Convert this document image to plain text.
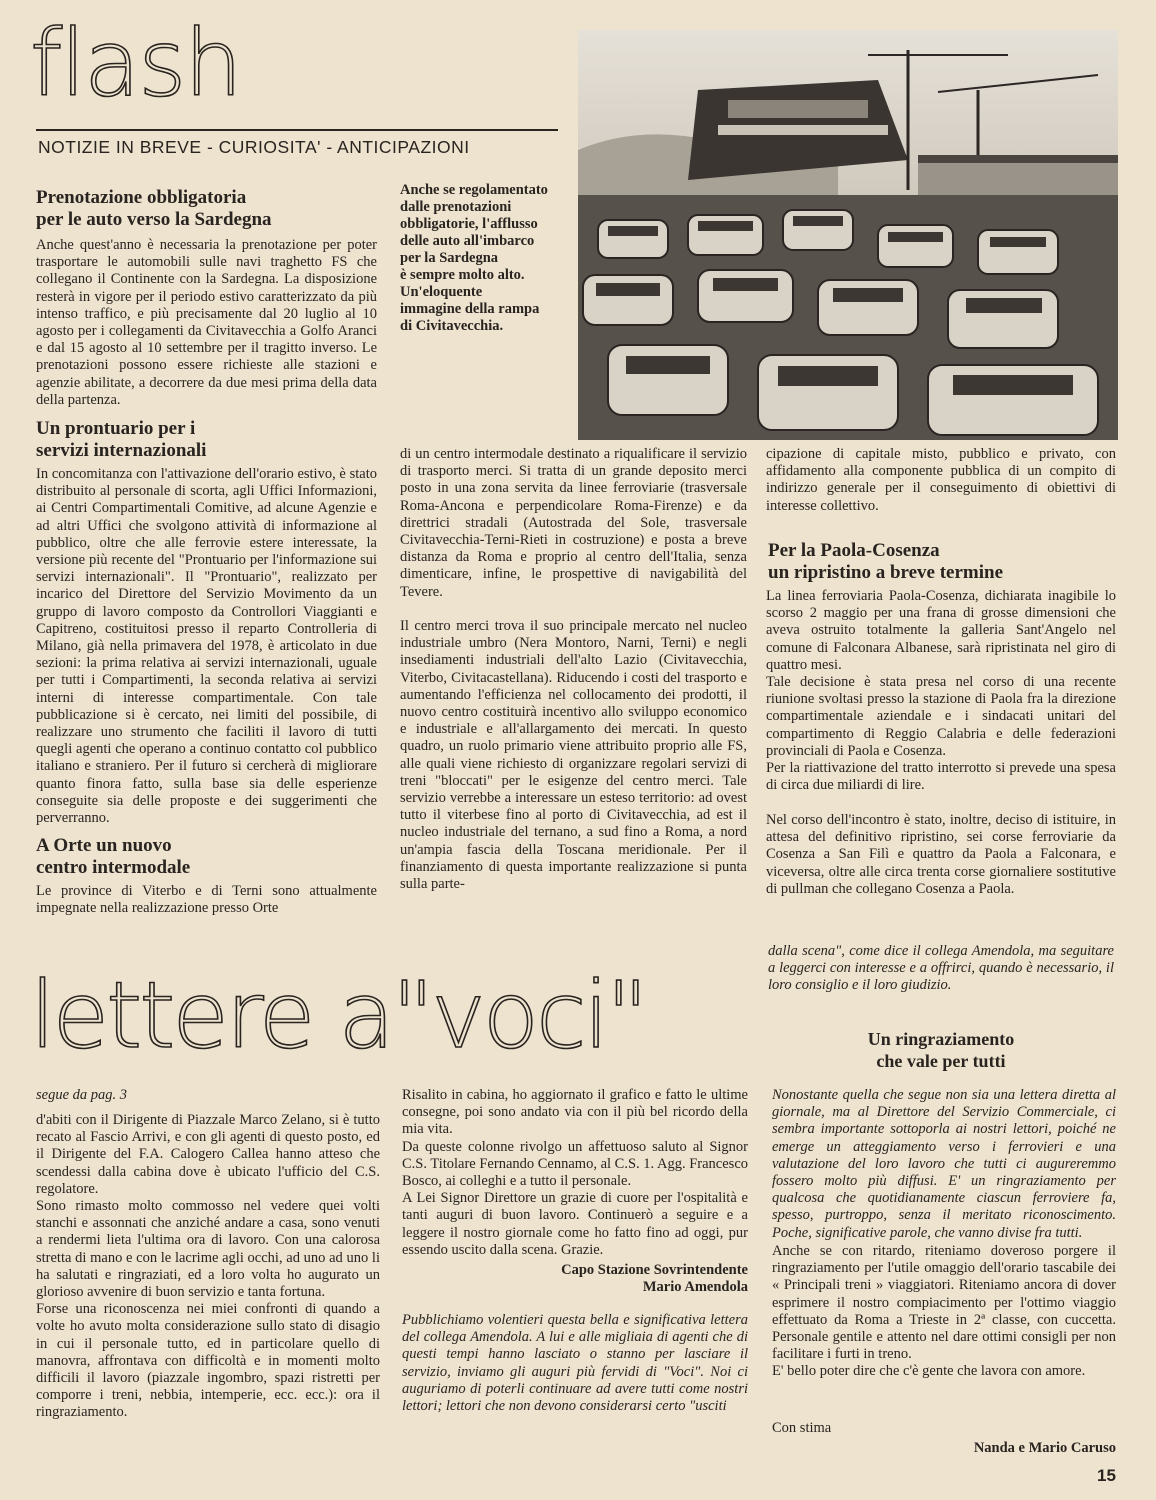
flash
NOTIZIE IN BREVE - CURIOSITA' - ANTICIPAZIONI
Anche se regolamentato
dalle prenotazioni
obbligatorie, l'afflusso
delle auto all'imbarco
per la Sardegna
è sempre molto alto.
Un'eloquente
immagine della rampa
di Civitavecchia.
Prenotazione obbligatoria
per le auto verso la Sardegna
Anche quest'anno è necessaria la prenotazione per poter trasportare le automobili sulle navi traghetto FS che collegano il Continente con la Sardegna. La disposizione resterà in vigore per il periodo estivo caratterizzato da più intenso traffico, e più precisamente dal 20 luglio al 10 agosto per i collegamenti da Civitavecchia a Golfo Aranci e dal 15 agosto al 10 settembre per il tragitto inverso. Le prenotazioni possono essere richieste alle stazioni e agenzie abilitate, a decorrere da due mesi prima della data della partenza.
Un prontuario per i
servizi internazionali
In concomitanza con l'attivazione dell'orario estivo, è stato distribuito al personale di scorta, agli Uffici Informazioni, ai Centri Compartimentali Comitive, ad alcune Agenzie e ad altri Uffici che svolgono attività di informazione al pubblico, oltre che alle ferrovie estere interessate, la versione più recente del "Prontuario per l'informazione sui servizi internazionali". Il "Prontuario", realizzato per incarico del Direttore del Servizio Movimento da un gruppo di lavoro composto da Controllori Viaggianti e Capitreno, costituitosi presso il reparto Controlleria di Milano, già nella primavera del 1978, è articolato in due sezioni: la prima relativa ai servizi internazionali, uguale per tutti i Compartimenti, la seconda relativa ai servizi interni di interesse compartimentale. Con tale pubblicazione si è cercato, nei limiti del possibile, di realizzare uno strumento che faciliti il lavoro di tutti quegli agenti che operano a continuo contatto col pubblico italiano e straniero. Per il futuro si cercherà di migliorare quanto finora fatto, sulla base sia delle esperienze conseguite sia delle proposte e dei suggerimenti che perverranno.
A Orte un nuovo
centro intermodale
Le province di Viterbo e di Terni sono attualmente impegnate nella realizzazione presso Orte
di un centro intermodale destinato a riqualificare il servizio di trasporto merci. Si tratta di un grande deposito merci posto in una zona servita da linee ferroviarie (trasversale Roma-Ancona e perpendicolare Roma-Firenze) e da direttrici stradali (Autostrada del Sole, trasversale Civitavecchia-Terni-Rieti in costruzione) e posta a breve distanza da Roma e proprio al centro dell'Italia, senza dimenticare, infine, le prospettive di navigabilità del Tevere.
Il centro merci trova il suo principale mercato nel nucleo industriale umbro (Nera Montoro, Narni, Terni) e negli insediamenti industriali dell'alto Lazio (Civitavecchia, Viterbo, Civitacastellana). Riducendo i costi del trasporto e aumentando l'efficienza nel collocamento dei prodotti, il nuovo centro costituirà incentivo allo sviluppo economico e industriale e all'allargamento dei mercati. In questo quadro, un ruolo primario viene attribuito proprio alle FS, alle quali viene richiesto di organizzare regolari servizi di treni "bloccati" per le esigenze del centro merci. Tale servizio verrebbe a interessare un esteso territorio: ad ovest tutto il viterbese fino al porto di Civitavecchia, ad est il nucleo industriale del ternano, a sud fino a Roma, a nord un'ampia fascia della Toscana meridionale. Per il finanziamento di questa importante realizzazione si punta sulla parte-
cipazione di capitale misto, pubblico e privato, con affidamento alla componente pubblica di un compito di indirizzo generale per il conseguimento di obiettivi di interesse collettivo.
Per la Paola-Cosenza
un ripristino a breve termine
La linea ferroviaria Paola-Cosenza, dichiarata inagibile lo scorso 2 maggio per una frana di grosse dimensioni che aveva ostruito totalmente la galleria Sant'Angelo nel comune di Falconara Albanese, sarà ripristinata nel giro di quattro mesi.
Tale decisione è stata presa nel corso di una recente riunione svoltasi presso la stazione di Paola fra la direzione compartimentale aziendale e i sindacati unitari del compartimento di Reggio Calabria e delle federazioni provinciali di Paola e Cosenza.
Per la riattivazione del tratto interrotto si prevede una spesa di circa due miliardi di lire.
Nel corso dell'incontro è stato, inoltre, deciso di istituire, in attesa del definitivo ripristino, sei corse ferroviarie da Cosenza a San Filì e quattro da Paola a Falconara, e viceversa, oltre alle circa trenta corse giornaliere sostitutive di pullman che collegano Cosenza a Paola.
lettere a"voci"
segue da pag. 3
d'abiti con il Dirigente di Piazzale Marco Zelano, si è tutto recato al Fascio Arrivi, e con gli agenti di questo posto, ed il Dirigente del F.A. Calogero Callea hanno atteso che scendessi dalla cabina dove è ubicato l'ufficio del C.S. regolatore.
Sono rimasto molto commosso nel vedere quei volti stanchi e assonnati che anziché andare a casa, sono venuti a rendermi lieta l'ultima ora di lavoro. Con una calorosa stretta di mano e con le lacrime agli occhi, ad uno ad uno li ha salutati e ringraziati, ed a loro volta ho augurato un glorioso avvenire di buon servizio e tanta fortuna.
Forse una riconoscenza nei miei confronti di quando a volte ho avuto molta considerazione sullo stato di disagio in cui il personale tutto, ed in particolare quello di manovra, affrontava con difficoltà e in momenti molto difficili il lavoro (piazzale ingombro, spazi ristretti per comporre i treni, nebbia, intemperie, ecc. ecc.): ora il ringraziamento.
Risalito in cabina, ho aggiornato il grafico e fatto le ultime consegne, poi sono andato via con il più bel ricordo della mia vita.
Da queste colonne rivolgo un affettuoso saluto al Signor C.S. Titolare Fernando Cennamo, al C.S. 1. Agg. Francesco Bosco, ai colleghi e a tutto il personale.
A Lei Signor Direttore un grazie di cuore per l'ospitalità e tanti auguri di buon lavoro. Continuerò a seguire e a leggere il nostro giornale come ho fatto fino ad oggi, pur essendo uscito dalla scena. Grazie.
Capo Stazione Sovrintendente
Mario Amendola
Pubblichiamo volentieri questa bella e significativa lettera del collega Amendola. A lui e alle migliaia di agenti che di questi tempi hanno lasciato o stanno per lasciare il servizio, inviamo gli auguri più fervidi di "Voci". Noi ci auguriamo di poterli continuare ad avere tutti come nostri lettori; lettori che non devono considerarsi certo "usciti
dalla scena", come dice il collega Amendola, ma seguitare a leggerci con interesse e a offrirci, quando è necessario, il loro consiglio e il loro giudizio.
Un ringraziamento
che vale per tutti
Nonostante quella che segue non sia una lettera diretta al giornale, ma al Direttore del Servizio Commerciale, ci sembra importante sottoporla ai nostri lettori, poiché ne emerge un atteggiamento verso i ferrovieri e una valutazione del loro lavoro che tutti ci augureremmo fossero molto più diffusi. E' un ringraziamento per qualcosa che quotidianamente ciascun ferroviere fa, spesso, purtroppo, senza il meritato riconoscimento. Poche, significative parole, che vanno divise fra tutti.
Anche se con ritardo, riteniamo doveroso porgere il ringraziamento per l'utile omaggio dell'orario tascabile dei « Principali treni » viaggiatori. Riteniamo ancora di dover esprimere il nostro compiacimento per l'ottimo viaggio effettuato da Roma a Trieste in 2ª classe, con cuccetta. Personale gentile e attento nel dare ottimi consigli per non facilitare i furti in treno.
E' bello poter dire che c'è gente che lavora con amore.
Con stima
Nanda e Mario Caruso
15
